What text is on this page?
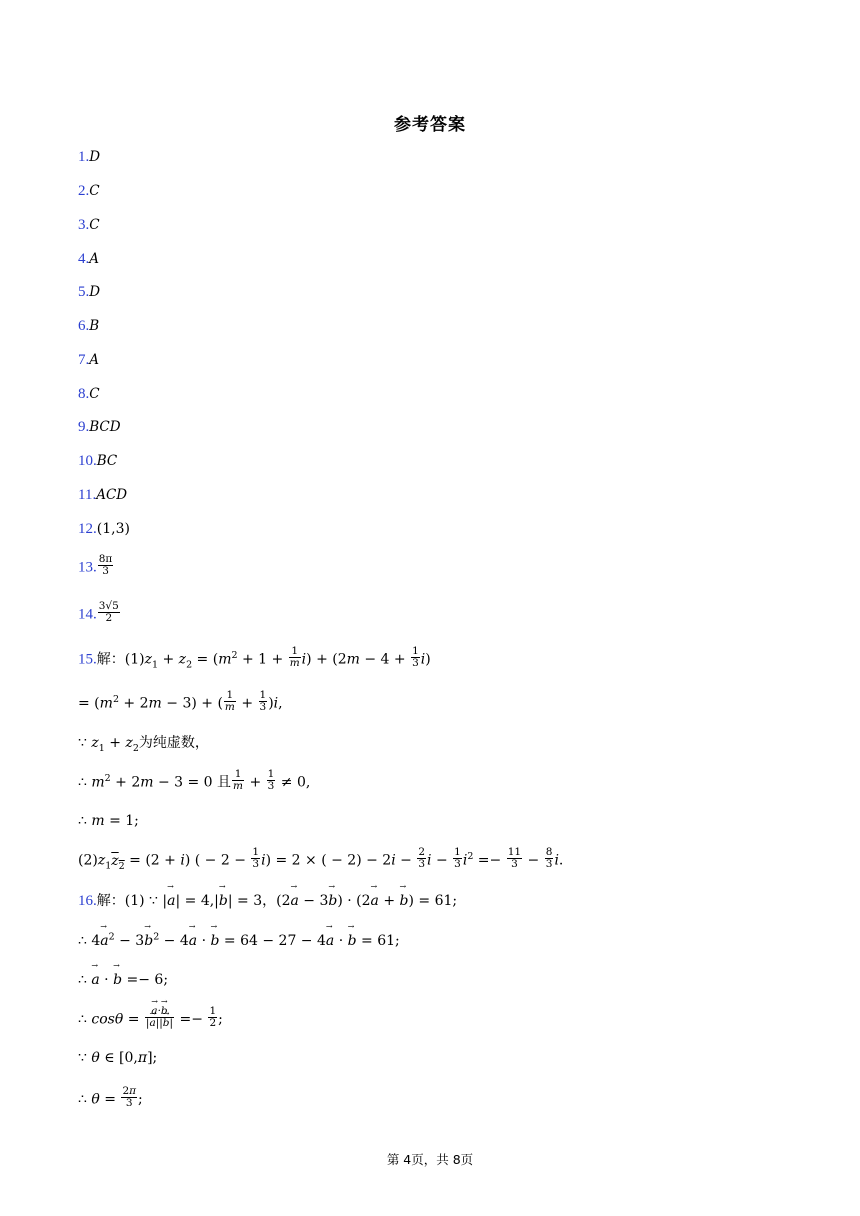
参考答案
1.D
2.C
3.C
4.A
5.D
6.B
7.A
8.C
9.BCD
10.BC
11.ACD
12.(1,3)
13. $\frac{8\pi}{3}$
14. $\frac{3√5}{2}$
15.解：$(1)z_1 + z_2 = (m^2 + 1 + \frac{1}{m} i) + (2m - 4 + \frac{1}{3} i)$
= $(m^2 + 2m - 3)$ + ( $\frac{1}{m} + \frac{1}{3} )i$,
∵ $z_1 + z_2$为纯虚数，
∴ $m^2 + 2m - 3 = 0$ 且 $\frac{1}{m} + \frac{1}{3} \ne 0$,
∴ m = 1;
$(2)z_1z_2 = (2 + i)$ ( − $2 - \frac{1}{3} i) = 2$ × ( − $2) - 2i - \frac{2}{3}$ $i - \frac{1}{3} i^2 =- \frac{11}{3} - \frac{8}{3} i$.
16.解：(1) ∵ |→ a| = 4,|→ b| = 3，(2→ a − 3→ b) · (2→ a + → b) = 61;
∴ $4\to a^2 - 3\to b^2 - 4\to a$ · → b = 64 − 27 − 4→ a · → b = 61;
∴ → a · → b =− 6;
∴ cosθ = → $\frac{a\cdot\to b}{|\to a||\to b|} =- \frac{1}{2}$ ;
∵ θ ∈ [0,π];
∴ $\theta = \frac{2\pi}{3}$ ;
第 4页，共 8页
